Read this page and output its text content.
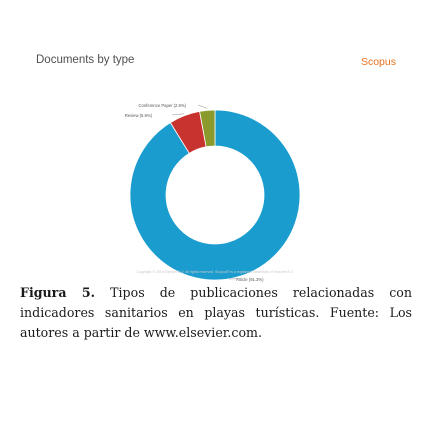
Documents by type	Scopus
Article (91.3%)
Review (5.9%)
Conference Paper (2.9%)

Copyright © 2016 Elsevier B.V. All rights reserved. Scopus® is a registered trademark of Elsevier B.V.

Figura 5. Tipos de publicaciones relacionadas con indicadores sanitarios en playas turísticas. Fuente: Los autores a partir de www.elsevier.com.
